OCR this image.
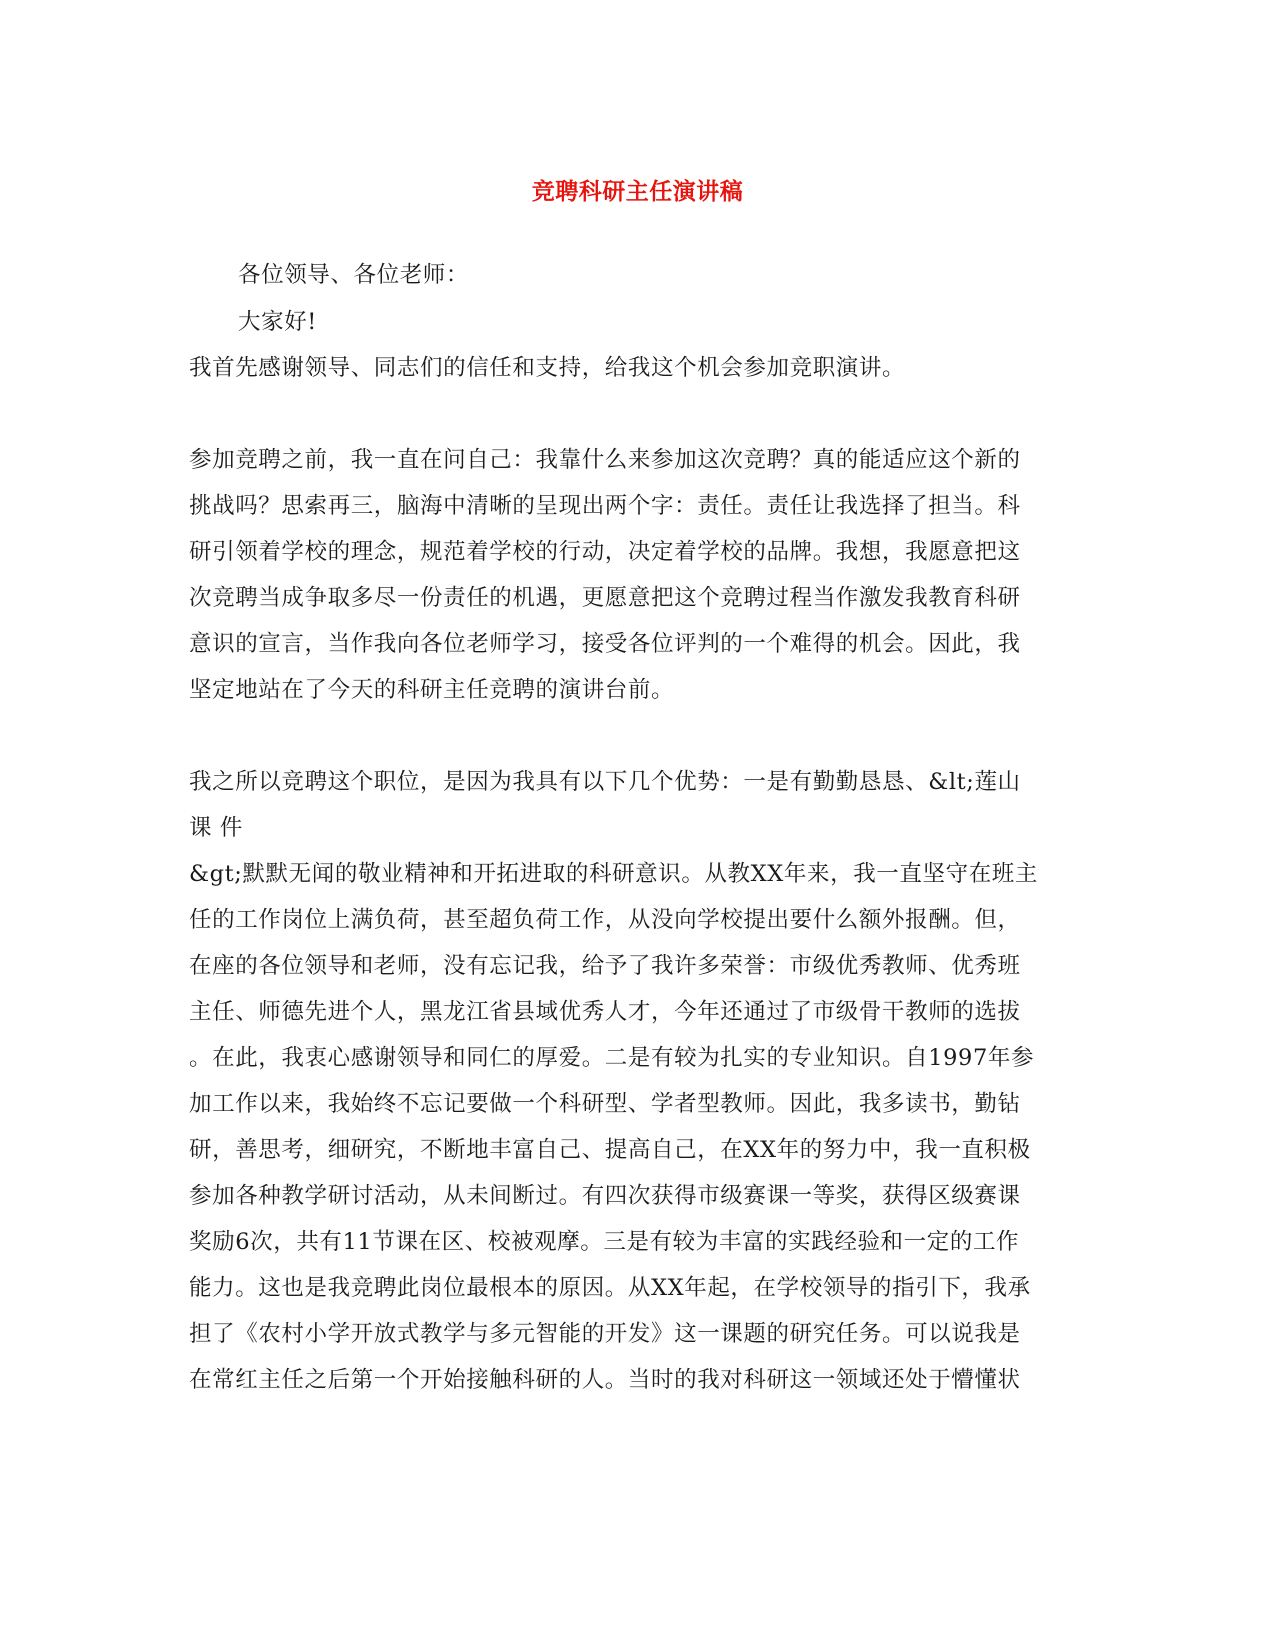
竞聘科研主任演讲稿
各位领导、各位老师：
大家好!
我首先感谢领导、同志们的信任和支持，给我这个机会参加竞职演讲。
参加竞聘之前，我一直在问自己：我靠什么来参加这次竞聘？真的能适应这个新的
挑战吗？思索再三，脑海中清晰的呈现出两个字：责任。责任让我选择了担当。科
研引领着学校的理念，规范着学校的行动，决定着学校的品牌。我想，我愿意把这
次竞聘当成争取多尽一份责任的机遇，更愿意把这个竞聘过程当作激发我教育科研
意识的宣言，当作我向各位老师学习，接受各位评判的一个难得的机会。因此，我
坚定地站在了今天的科研主任竞聘的演讲台前。
我之所以竞聘这个职位，是因为我具有以下几个优势：一是有勤勤恳恳、&lt;莲山
课 件
&gt;默默无闻的敬业精神和开拓进取的科研意识。从教XX年来，我一直坚守在班主
任的工作岗位上满负荷，甚至超负荷工作，从没向学校提出要什么额外报酬。但，
在座的各位领导和老师，没有忘记我，给予了我许多荣誉：市级优秀教师、优秀班
主任、师德先进个人，黑龙江省县域优秀人才，今年还通过了市级骨干教师的选拔
。在此，我衷心感谢领导和同仁的厚爱。二是有较为扎实的专业知识。自1997年参
加工作以来，我始终不忘记要做一个科研型、学者型教师。因此，我多读书，勤钻
研，善思考，细研究，不断地丰富自己、提高自己，在XX年的努力中，我一直积极
参加各种教学研讨活动，从未间断过。有四次获得市级赛课一等奖，获得区级赛课
奖励6次，共有11节课在区、校被观摩。三是有较为丰富的实践经验和一定的工作
能力。这也是我竞聘此岗位最根本的原因。从XX年起，在学校领导的指引下，我承
担了《农村小学开放式教学与多元智能的开发》这一课题的研究任务。可以说我是
在常红主任之后第一个开始接触科研的人。当时的我对科研这一领域还处于懵懂状
